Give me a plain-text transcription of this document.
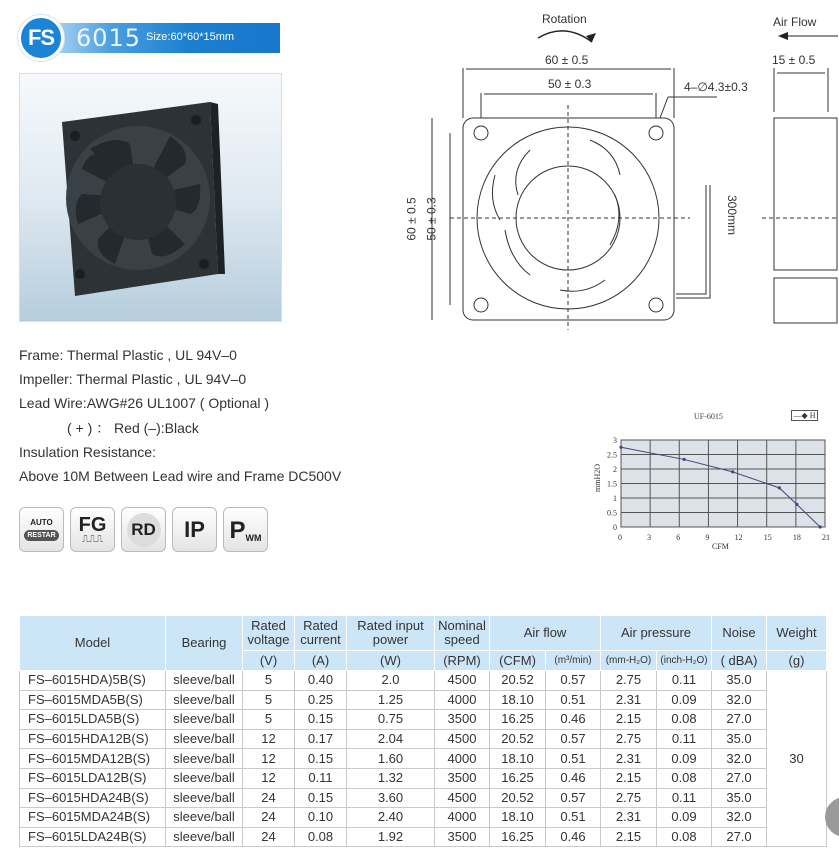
FS 6015 Size:60*60*15mm
Rotation	Air Flow
60 ± 0.5
50 ± 0.3	4–∅4.3±0.3
15 ± 0.5
60 ± 0.5 50 ± 0.3	300mm
Frame: Thermal Plastic , UL 94V–0
Impeller: Thermal Plastic , UL 94V–0
Lead Wire:AWG#26 UL1007 ( Optional )
( + ) ： Red (–):Black
Insulation Resistance:
Above 10M Between Lead wire and Frame DC500V
AUTO
RESTAR FG
⎍⎍⎍
RD IP P WM
UF-6015	—◆ H
0	3	6	9	12	15	18	21
0
0.5
1
1.5
2
2.5
3
CFM
mmH2O
Model	Bearing	Rated voltage	Rated current	Rated input power	Nominal speed	Air flow		Air pressure		Noise	Weight
		(V)	(A)	(W)	(RPM)	(CFM)	(m³/min)	(mm-H₂O)	(inch-H₂O)	( dBA)	(g)
FS–6015HDA)5B(S)	sleeve/ball	5	0.40	2.0	4500	20.52	0.57	2.75	0.11	35.0	30
FS–6015MDA5B(S)	sleeve/ball	5	0.25	1.25	4000	18.10	0.51	2.31	0.09	32.0	
FS–6015LDA5B(S)	sleeve/ball	5	0.15	0.75	3500	16.25	0.46	2.15	0.08	27.0	
FS–6015HDA12B(S)	sleeve/ball	12	0.17	2.04	4500	20.52	0.57	2.75	0.11	35.0	
FS–6015MDA12B(S)	sleeve/ball	12	0.15	1.60	4000	18.10	0.51	2.31	0.09	32.0	
FS–6015LDA12B(S)	sleeve/ball	12	0.11	1.32	3500	16.25	0.46	2.15	0.08	27.0	
FS–6015HDA24B(S)	sleeve/ball	24	0.15	3.60	4500	20.52	0.57	2.75	0.11	35.0	
FS–6015MDA24B(S)	sleeve/ball	24	0.10	2.40	4000	18.10	0.51	2.31	0.09	32.0	
FS–6015LDA24B(S)	sleeve/ball	24	0.08	1.92	3500	16.25	0.46	2.15	0.08	27.0	
